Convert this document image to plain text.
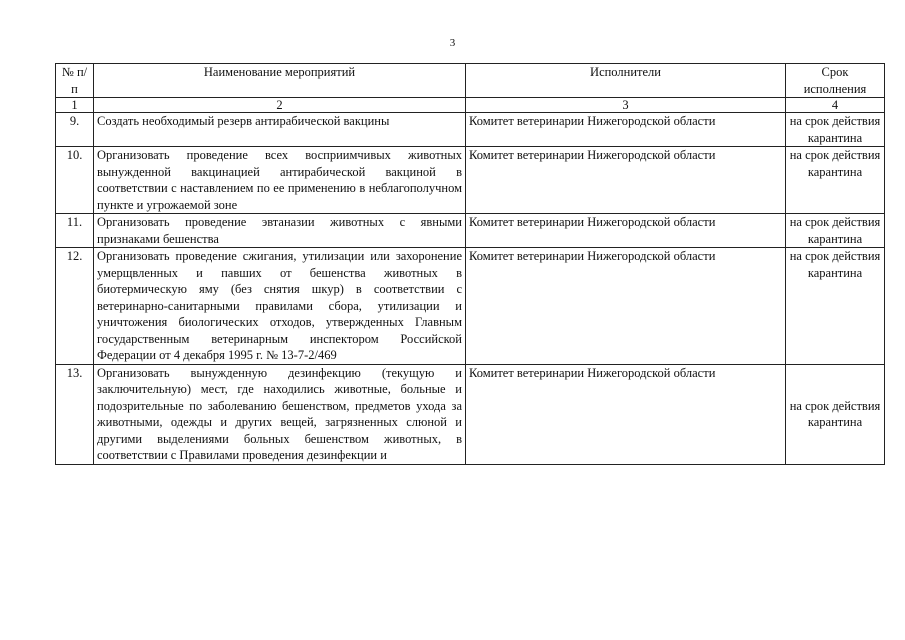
3
№ п/п	Наименование мероприятий	Исполнители	Срок исполнения
1	2	3	4
9.	Создать необходимый резерв антирабической вакцины	Комитет ветеринарии Нижегородской области	на срок действия карантина
10.	Организовать проведение всех восприимчивых животных вынужденной вакцинацией антирабической вакциной в соответствии с наставлением по ее применению в неблагополучном пункте и угрожаемой зоне	Комитет ветеринарии Нижегородской области	на срок действия карантина
11.	Организовать проведение эвтаназии животных с явными признаками бешенства	Комитет ветеринарии Нижегородской области	на срок действия карантина
12.	Организовать проведение сжигания, утилизации или захоронение умерщвленных и павших от бешенства животных в биотермическую яму (без снятия шкур) в соответствии с ветеринарно-санитарными правилами сбора, утилизации и уничтожения биологических отходов, утвержденных Главным государственным ветеринарным инспектором Российской Федерации от 4 декабря 1995 г. № 13-7-2/469	Комитет ветеринарии Нижегородской области	на срок действия карантина
13.	Организовать вынужденную дезинфекцию (текущую и заключительную) мест, где находились животные, больные и подозрительные по заболеванию бешенством, предметов ухода за животными, одежды и других вещей, загрязненных слюной и другими выделениями больных бешенством животных, в соответствии с Правилами проведения дезинфекции и	Комитет ветеринарии Нижегородской области	на срок действия карантина
